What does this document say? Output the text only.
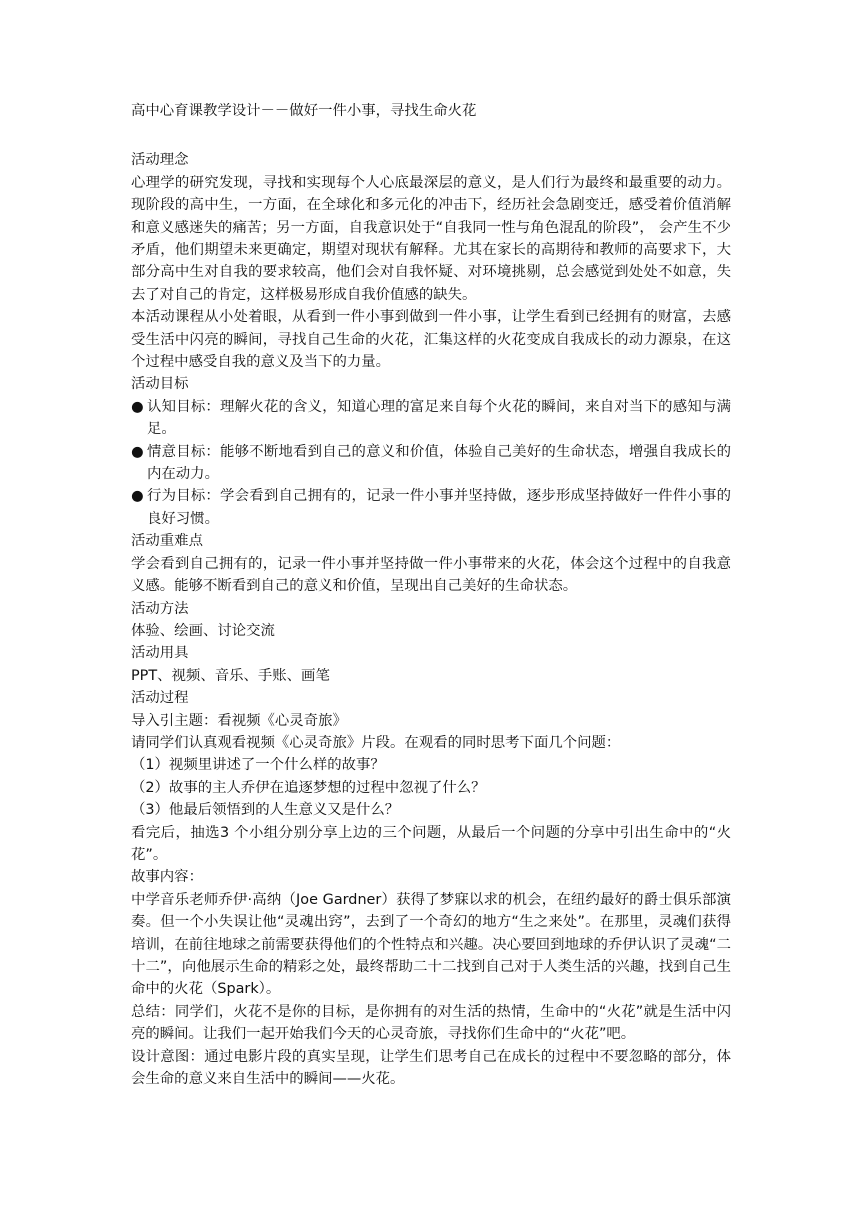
高中心育课教学设计－－做好一件小事，寻找生命火花

活动理念

心理学的研究发现，寻找和实现每个人心底最深层的意义，是人们行为最终和最重要的动力。现阶段的高中生，一方面，在全球化和多元化的冲击下，经历社会急剧变迁，感受着价值消解和意义感迷失的痛苦；另一方面，自我意识处于“自我同一性与角色混乱的阶段”， 会产生不少矛盾，他们期望未来更确定，期望对现状有解释。尤其在家长的高期待和教师的高要求下，大部分高中生对自我的要求较高，他们会对自我怀疑、对环境挑剔，总会感觉到处处不如意，失去了对自己的肯定，这样极易形成自我价值感的缺失。

本活动课程从小处着眼，从看到一件小事到做到一件小事，让学生看到已经拥有的财富，去感受生活中闪亮的瞬间，寻找自己生命的火花，汇集这样的火花变成自我成长的动力源泉，在这个过程中感受自我的意义及当下的力量。

活动目标

● 认知目标：理解火花的含义，知道心理的富足来自每个火花的瞬间，来自对当下的感知与满足。
● 情意目标：能够不断地看到自己的意义和价值，体验自己美好的生命状态，增强自我成长的内在动力。
● 行为目标：学会看到自己拥有的，记录一件小事并坚持做，逐步形成坚持做好一件件小事的良好习惯。

活动重难点

学会看到自己拥有的，记录一件小事并坚持做一件小事带来的火花，体会这个过程中的自我意义感。能够不断看到自己的意义和价值，呈现出自己美好的生命状态。

活动方法

体验、绘画、讨论交流

活动用具

PPT、视频、音乐、手账、画笔

活动过程

导入引主题：看视频《心灵奇旅》

请同学们认真观看视频《心灵奇旅》片段。在观看的同时思考下面几个问题：

（1）视频里讲述了一个什么样的故事？

（2）故事的主人乔伊在追逐梦想的过程中忽视了什么？

（3）他最后领悟到的人生意义又是什么？

看完后，抽选3 个小组分别分享上边的三个问题，从最后一个问题的分享中引出生命中的“火花”。

故事内容：

中学音乐老师乔伊·高纳（Joe Gardner）获得了梦寐以求的机会，在纽约最好的爵士俱乐部演奏。但一个小失误让他“灵魂出窍”，去到了一个奇幻的地方“生之来处”。在那里，灵魂们获得培训，在前往地球之前需要获得他们的个性特点和兴趣。决心要回到地球的乔伊认识了灵魂“二十二”，向他展示生命的精彩之处，最终帮助二十二找到自己对于人类生活的兴趣，找到自己生命中的火花（Spark）。

总结：同学们，火花不是你的目标，是你拥有的对生活的热情，生命中的“火花”就是生活中闪亮的瞬间。让我们一起开始我们今天的心灵奇旅，寻找你们生命中的“火花”吧。

设计意图：通过电影片段的真实呈现，让学生们思考自己在成长的过程中不要忽略的部分，体会生命的意义来自生活中的瞬间——火花。
